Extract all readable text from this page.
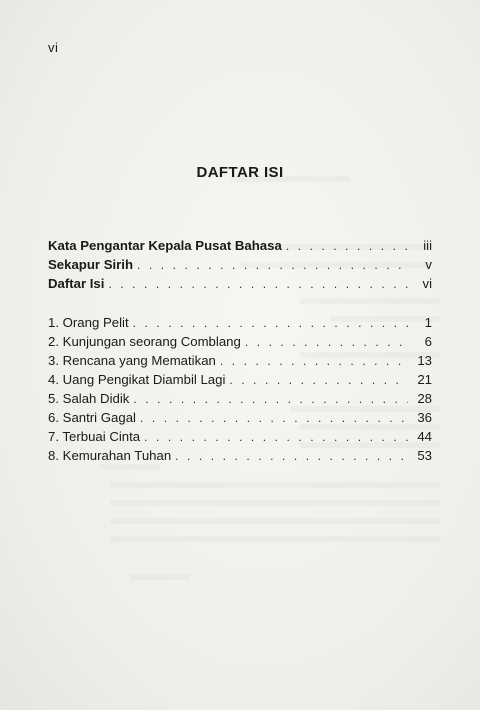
vi
DAFTAR ISI
Kata Pengantar Kepala Pusat Bahasa . . .	iii
Sekapur Sirih . . .	v
Daftar Isi . . .	vi
1. Orang Pelit . . .	1
2. Kunjungan seorang Comblang . . .	6
3. Rencana yang Mematikan . . .	13
4. Uang Pengikat Diambil Lagi . . .	21
5. Salah Didik . . .	28
6. Santri Gagal . . .	36
7. Terbuai Cinta . . .	44
8. Kemurahan Tuhan . . .	53
